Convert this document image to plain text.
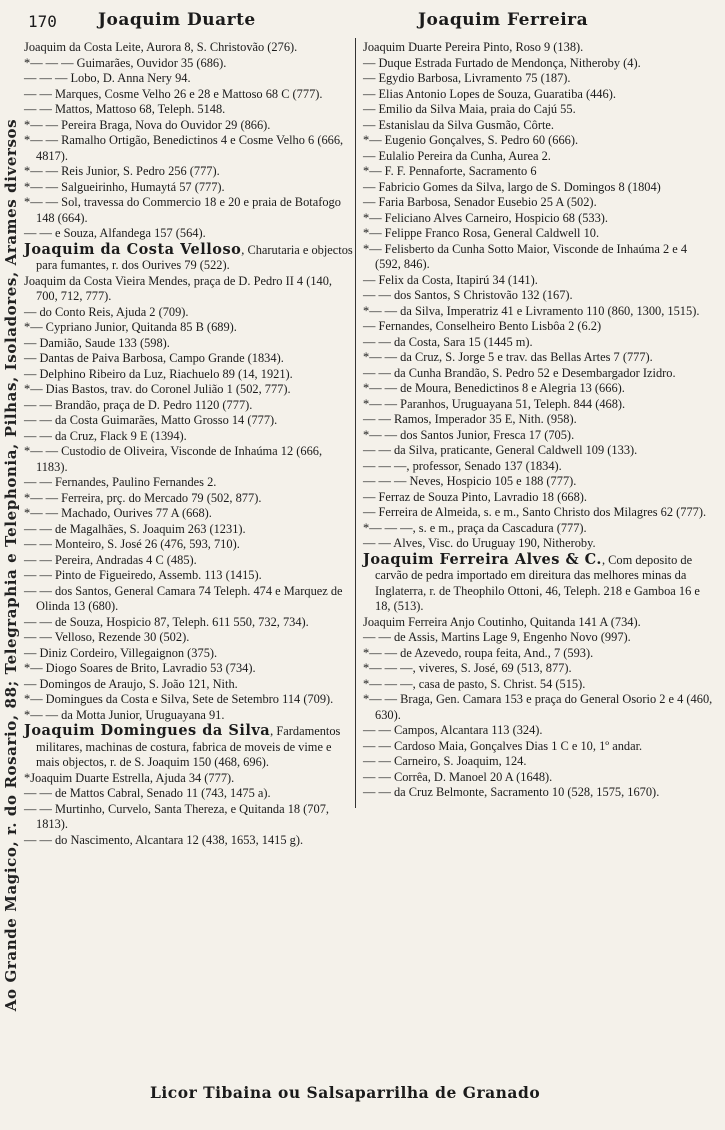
Ao Grande Magico, r. do Rosario, 88; Telegraphia e Telephonia, Pilhas, Isoladores, Arames diversos
170 Joaquim Duarte	Joaquim Ferreira

Joaquim da Costa Leite, Aurora 8, S. Christovão (276).

*— — — Guimarães, Ouvidor 35 (686).

— — — Lobo, D. Anna Nery 94.

— — Marques, Cosme Velho 26 e 28 e Mattoso 68 C (777).

— — Mattos, Mattoso 68, Teleph. 5148.

*— — Pereira Braga, Nova do Ouvidor 29 (866).

*— — Ramalho Ortigão, Benedictinos 4 e Cosme Velho 6 (666, 4817).

*— — Reis Junior, S. Pedro 256 (777).

*— — Salgueirinho, Humaytá 57 (777).

*— — Sol, travessa do Commercio 18 e 20 e praia de Botafogo 148 (664).

— — e Souza, Alfandega 157 (564).

Joaquim da Costa Velloso, Charutaria e objectos para fumantes, r. dos Ourives 79 (522).

Joaquim da Costa Vieira Mendes, praça de D. Pedro II 4 (140, 700, 712, 777).

— do Conto Reis, Ajuda 2 (709).

*— Cypriano Junior, Quitanda 85 B (689).

— Damião, Saude 133 (598).

— Dantas de Paiva Barbosa, Campo Grande (1834).

— Delphino Ribeiro da Luz, Riachuelo 89 (14, 1921).

*— Dias Bastos, trav. do Coronel Julião 1 (502, 777).

— — Brandão, praça de D. Pedro 1120 (777).

— — da Costa Guimarães, Matto Grosso 14 (777).

— — da Cruz, Flack 9 E (1394).

*— — Custodio de Oliveira, Visconde de Inhaúma 12 (666, 1183).

— — Fernandes, Paulino Fernandes 2.

*— — Ferreira, prç. do Mercado 79 (502, 877).

*— — Machado, Ourives 77 A (668).

— — de Magalhães, S. Joaquim 263 (1231).

— — Monteiro, S. José 26 (476, 593, 710).

— — Pereira, Andradas 4 C (485).

— — Pinto de Figueiredo, Assemb. 113 (1415).

— — dos Santos, General Camara 74 Teleph. 474 e Marquez de Olinda 13 (680).

— — de Souza, Hospicio 87, Teleph. 611 550, 732, 734).

— — Velloso, Rezende 30 (502).

— Diniz Cordeiro, Villegaignon (375).

*— Diogo Soares de Brito, Lavradio 53 (734).

— Domingos de Araujo, S. João 121, Nith.

*— Domingues da Costa e Silva, Sete de Setembro 114 (709).

*— — da Motta Junior, Uruguayana 91.

Joaquim Domingues da Silva, Fardamentos militares, machinas de costura, fabrica de moveis de vime e mais objectos, r. de S. Joaquim 150 (468, 696).

*Joaquim Duarte Estrella, Ajuda 34 (777).

— — de Mattos Cabral, Senado 11 (743, 1475 a).

— — Murtinho, Curvelo, Santa Thereza, e Quitanda 18 (707, 1813).

— — do Nascimento, Alcantara 12 (438, 1653, 1415 g).

Joaquim Duarte Pereira Pinto, Roso 9 (138).

— Duque Estrada Furtado de Mendonça, Nitheroby (4).

— Egydio Barbosa, Livramento 75 (187).

— Elias Antonio Lopes de Souza, Guaratiba (446).

— Emilio da Silva Maia, praia do Cajú 55.

— Estanislau da Silva Gusmão, Côrte.

*— Eugenio Gonçalves, S. Pedro 60 (666).

— Eulalio Pereira da Cunha, Aurea 2.

*— F. F. Pennaforte, Sacramento 6

— Fabricio Gomes da Silva, largo de S. Domingos 8 (1804)

— Faria Barbosa, Senador Eusebio 25 A (502).

*— Feliciano Alves Carneiro, Hospicio 68 (533).

*— Felippe Franco Rosa, General Caldwell 10.

*— Felisberto da Cunha Sotto Maior, Visconde de Inhaúma 2 e 4 (592, 846).

— Felix da Costa, Itapirú 34 (141).

— — dos Santos, S Christovão 132 (167).

*— — da Silva, Imperatriz 41 e Livramento 110 (860, 1300, 1515).

— Fernandes, Conselheiro Bento Lisbôa 2 (6.2)

— — da Costa, Sara 15 (1445 m).

*— — da Cruz, S. Jorge 5 e trav. das Bellas Artes 7 (777).

— — da Cunha Brandão, S. Pedro 52 e Desembargador Izidro.

*— — de Moura, Benedictinos 8 e Alegria 13 (666).

*— — Paranhos, Uruguayana 51, Teleph. 844 (468).

— — Ramos, Imperador 35 E, Nith. (958).

*— — dos Santos Junior, Fresca 17 (705).

— — da Silva, praticante, General Caldwell 109 (133).

— — —, professor, Senado 137 (1834).

— — — Neves, Hospicio 105 e 188 (777).

— Ferraz de Souza Pinto, Lavradio 18 (668).

— Ferreira de Almeida, s. e m., Santo Christo dos Milagres 62 (777).

*— — —, s. e m., praça da Cascadura (777).

— — Alves, Visc. do Uruguay 190, Nitheroby.

Joaquim Ferreira Alves & C., Com deposito de carvão de pedra importado em direitura das melhores minas da Inglaterra, r. de Theophilo Ottoni, 46, Teleph. 218 e Gamboa 16 e 18, (513).

Joaquim Ferreira Anjo Coutinho, Quitanda 141 A (734).

— — de Assis, Martins Lage 9, Engenho Novo (997).

*— — de Azevedo, roupa feita, And., 7 (593).

*— — —, viveres, S. José, 69 (513, 877).

*— — —, casa de pasto, S. Christ. 54 (515).

*— — Braga, Gen. Camara 153 e praça do General Osorio 2 e 4 (460, 630).

— — Campos, Alcantara 113 (324).

— — Cardoso Maia, Gonçalves Dias 1 C e 10, 1º andar.

— — Carneiro, S. Joaquim, 124.

— — Corrêa, D. Manoel 20 A (1648).

— — da Cruz Belmonte, Sacramento 10 (528, 1575, 1670).

Licor Tibaina ou Salsaparrilha de Granado
